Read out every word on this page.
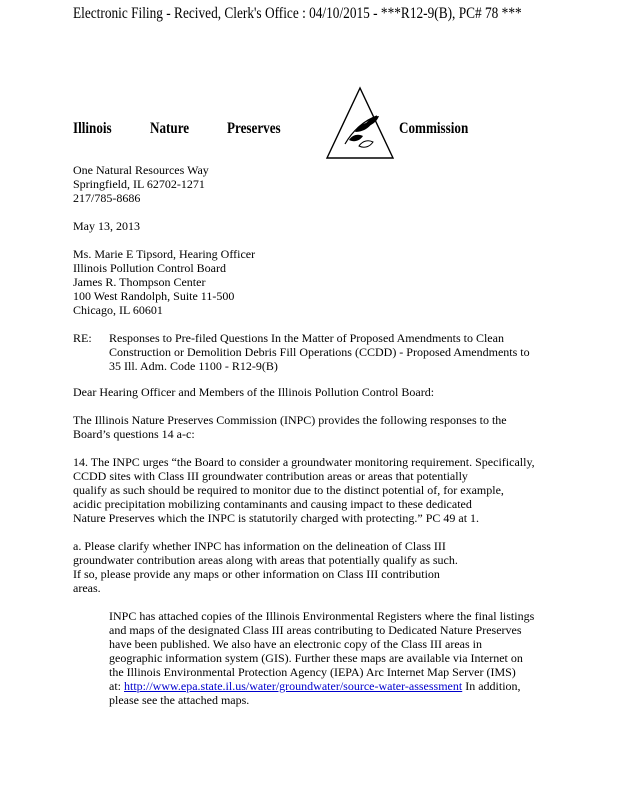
Electronic Filing - Recived, Clerk's Office : 04/10/2015 - ***R12-9(B), PC# 78 ***

Illinois Nature Preserves	Commission

One Natural Resources Way

Springfield, IL 62702-1271

217/785-8686

May 13, 2013

Ms. Marie E Tipsord, Hearing Officer

Illinois Pollution Control Board

James R. Thompson Center

100 West Randolph, Suite 11-500

Chicago, IL 60601

RE: Responses to Pre-filed Questions In the Matter of Proposed Amendments to Clean

Construction or Demolition Debris Fill Operations (CCDD) - Proposed Amendments to

35 Ill. Adm. Code 1100 - R12-9(B)

Dear Hearing Officer and Members of the Illinois Pollution Control Board:

The Illinois Nature Preserves Commission (INPC) provides the following responses to the

Board’s questions 14 a-c:

14. The INPC urges “the Board to consider a groundwater monitoring requirement. Specifically,

CCDD sites with Class III groundwater contribution areas or areas that potentially

qualify as such should be required to monitor due to the distinct potential of, for example,

acidic precipitation mobilizing contaminants and causing impact to these dedicated

Nature Preserves which the INPC is statutorily charged with protecting.” PC 49 at 1.

a. Please clarify whether INPC has information on the delineation of Class III

groundwater contribution areas along with areas that potentially qualify as such.

If so, please provide any maps or other information on Class III contribution

areas.

INPC has attached copies of the Illinois Environmental Registers where the final listings

and maps of the designated Class III areas contributing to Dedicated Nature Preserves

have been published. We also have an electronic copy of the Class III areas in

geographic information system (GIS). Further these maps are available via Internet on

the Illinois Environmental Protection Agency (IEPA) Arc Internet Map Server (IMS)

at: http://www.epa.state.il.us/water/groundwater/source-water-assessment In addition,

please see the attached maps.
